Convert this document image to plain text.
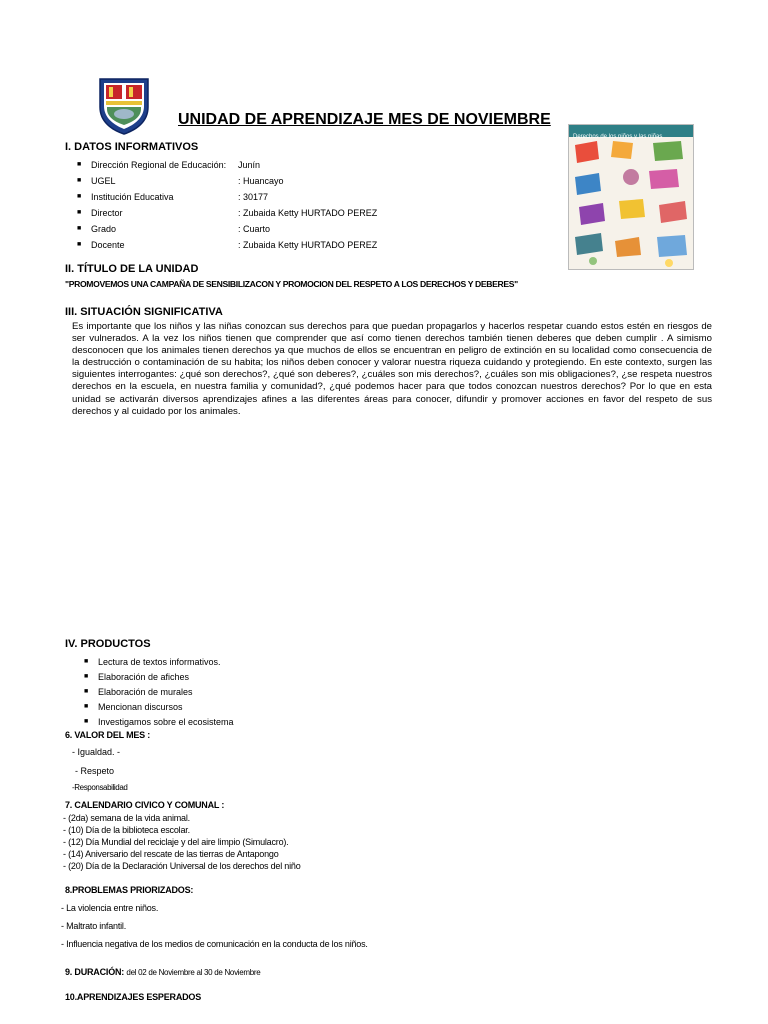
UNIDAD DE APRENDIZAJE MES DE NOVIEMBRE
I. DATOS INFORMATIVOS
■ Dirección Regional de Educación: Junín
■ UGEL	: Huancayo
■ Institución Educativa	: 30177
■ Director	: Zubaida Ketty HURTADO PEREZ
■ Grado	: Cuarto
■ Docente	: Zubaida Ketty HURTADO PEREZ
Derechos de los niños y las niñas
II. TÍTULO DE LA UNIDAD
"PROMOVEMOS UNA CAMPAÑA DE SENSIBILIZACON Y PROMOCION DEL RESPETO A LOS DERECHOS Y DEBERES"
III. SITUACIÓN SIGNIFICATIVA
Es importante que los niños y las niñas conozcan sus derechos para que puedan propagarlos y hacerlos respetar cuando estos estén en riesgos de ser vulnerados. A la vez los niños tienen que comprender que así como tienen derechos también tienen deberes que deben cumplir . A simismo desconocen que los animales tienen derechos ya que muchos de ellos se encuentran en peligro de extinción en su localidad como consecuencia de la destrucción o contaminación de su habita; los niños deben conocer y valorar nuestra riqueza cuidando y protegiendo. En este contexto, surgen las siguientes interrogantes: ¿qué son derechos?, ¿qué son deberes?, ¿cuáles son mis derechos?, ¿cuáles son mis obligaciones?, ¿se respeta nuestros derechos en la escuela, en nuestra familia y comunidad?, ¿qué podemos hacer para que todos conozcan nuestros derechos? Por lo que en esta unidad se activarán diversos aprendizajes afines a las diferentes áreas para conocer, difundir y promover acciones en favor del respeto de sus derechos y al cuidado por los animales.
IV. PRODUCTOS
■ Lectura de textos informativos.
■ Elaboración de afiches
■ Elaboración de murales
■ Mencionan discursos
■ Investigamos sobre el ecosistema
6. VALOR DEL MES :
- Igualdad. -
- Respeto
-Responsabilidad
7. CALENDARIO CIVICO Y COMUNAL :
- (2da) semana de la vida animal.
- (10) Día de la biblioteca escolar.
- (12) Día Mundial del reciclaje y del aire limpio (Simulacro).
- (14) Aniversario del rescate de las tierras de Antapongo
- (20) Día de la Declaración Universal de los derechos del niño
8.PROBLEMAS PRIORIZADOS:
- La violencia entre niños.
- Maltrato infantil.
- Influencia negativa de los medios de comunicación en la conducta de los niños.
9. DURACIÓN: del 02 de Noviembre al 30 de Noviembre
10.APRENDIZAJES ESPERADOS
